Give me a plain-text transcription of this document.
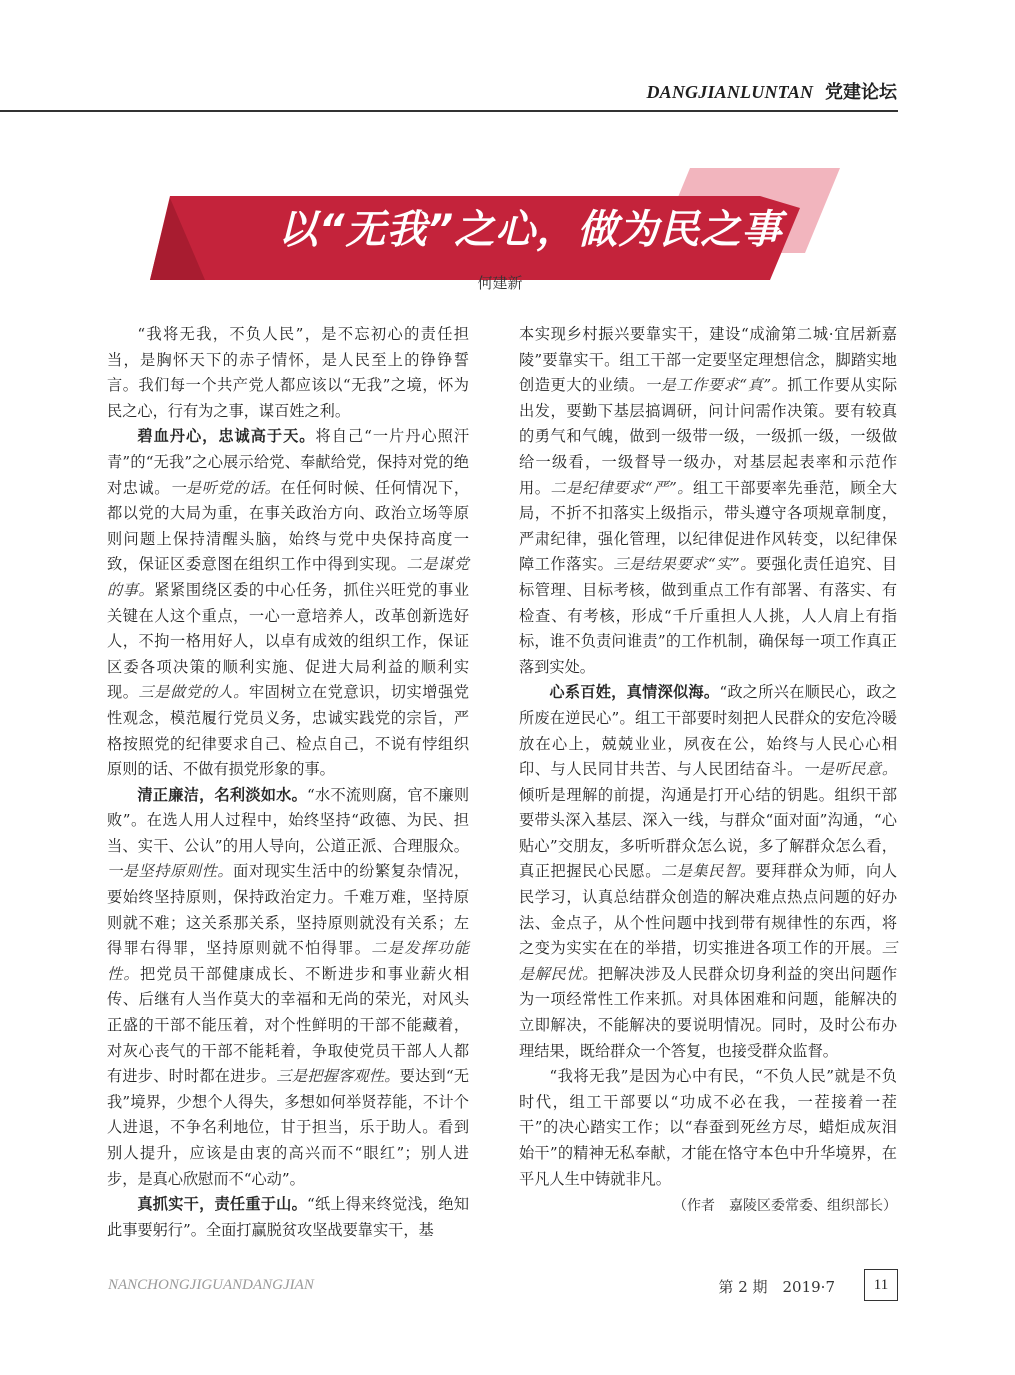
DANGJIANLUNTAN 党建论坛
以“无我”之心，做为民之事
何建新

“我将无我，不负人民”，是不忘初心的责任担当，是胸怀天下的赤子情怀，是人民至上的铮铮誓言。我们每一个共产党人都应该以“无我”之境，怀为民之心，行有为之事，谋百姓之利。

碧血丹心，忠诚高于天。将自己“一片丹心照汗青”的“无我”之心展示给党、奉献给党，保持对党的绝对忠诚。一是听党的话。在任何时候、任何情况下，都以党的大局为重，在事关政治方向、政治立场等原则问题上保持清醒头脑，始终与党中央保持高度一致，保证区委意图在组织工作中得到实现。二是谋党的事。紧紧围绕区委的中心任务，抓住兴旺党的事业关键在人这个重点，一心一意培养人，改革创新选好人，不拘一格用好人，以卓有成效的组织工作，保证区委各项决策的顺利实施、促进大局利益的顺利实现。三是做党的人。牢固树立在党意识，切实增强党性观念，模范履行党员义务，忠诚实践党的宗旨，严格按照党的纪律要求自己、检点自己，不说有悖组织原则的话、不做有损党形象的事。

清正廉洁，名利淡如水。“水不流则腐，官不廉则败”。在选人用人过程中，始终坚持“政德、为民、担当、实干、公认”的用人导向，公道正派、合理服众。一是坚持原则性。面对现实生活中的纷繁复杂情况，要始终坚持原则，保持政治定力。千难万难，坚持原则就不难；这关系那关系，坚持原则就没有关系；左得罪右得罪，坚持原则就不怕得罪。二是发挥功能性。把党员干部健康成长、不断进步和事业薪火相传、后继有人当作莫大的幸福和无尚的荣光，对风头正盛的干部不能压着，对个性鲜明的干部不能藏着，对灰心丧气的干部不能耗着，争取使党员干部人人都有进步、时时都在进步。三是把握客观性。要达到“无我”境界，少想个人得失，多想如何举贤荐能，不计个人进退，不争名利地位，甘于担当，乐于助人。看到别人提升，应该是由衷的高兴而不“眼红”；别人进步，是真心欣慰而不“心动”。

真抓实干，责任重于山。“纸上得来终觉浅，绝知此事要躬行”。全面打赢脱贫攻坚战要靠实干，基

本实现乡村振兴要靠实干，建设“成渝第二城·宜居新嘉陵”要靠实干。组工干部一定要坚定理想信念，脚踏实地创造更大的业绩。一是工作要求“真”。抓工作要从实际出发，要勤下基层搞调研，问计问需作决策。要有较真的勇气和气魄，做到一级带一级，一级抓一级，一级做给一级看，一级督导一级办，对基层起表率和示范作用。二是纪律要求“严”。组工干部要率先垂范，顾全大局，不折不扣落实上级指示，带头遵守各项规章制度，严肃纪律，强化管理，以纪律促进作风转变，以纪律保障工作落实。三是结果要求“实”。要强化责任追究、目标管理、目标考核，做到重点工作有部署、有落实、有检查、有考核，形成“千斤重担人人挑，人人肩上有指标，谁不负责问谁责”的工作机制，确保每一项工作真正落到实处。

心系百姓，真情深似海。“政之所兴在顺民心，政之所废在逆民心”。组工干部要时刻把人民群众的安危冷暖放在心上，兢兢业业，夙夜在公，始终与人民心心相印、与人民同甘共苦、与人民团结奋斗。一是听民意。倾听是理解的前提，沟通是打开心结的钥匙。组织干部要带头深入基层、深入一线，与群众“面对面”沟通，“心贴心”交朋友，多听听群众怎么说，多了解群众怎么看，真正把握民心民愿。二是集民智。要拜群众为师，向人民学习，认真总结群众创造的解决难点热点问题的好办法、金点子，从个性问题中找到带有规律性的东西，将之变为实实在在的举措，切实推进各项工作的开展。三是解民忧。把解决涉及人民群众切身利益的突出问题作为一项经常性工作来抓。对具体困难和问题，能解决的立即解决，不能解决的要说明情况。同时，及时公布办理结果，既给群众一个答复，也接受群众监督。

“我将无我”是因为心中有民，“不负人民”就是不负时代，组工干部要以“功成不必在我，一茬接着一茬干”的决心踏实工作；以“春蚕到死丝方尽，蜡炬成灰泪始干”的精神无私奉献，才能在恪守本色中升华境界，在平凡人生中铸就非凡。

（作者　嘉陵区委常委、组织部长）
NANCHONGJIGUANDANGJIAN	第 2 期　2019·7	11
